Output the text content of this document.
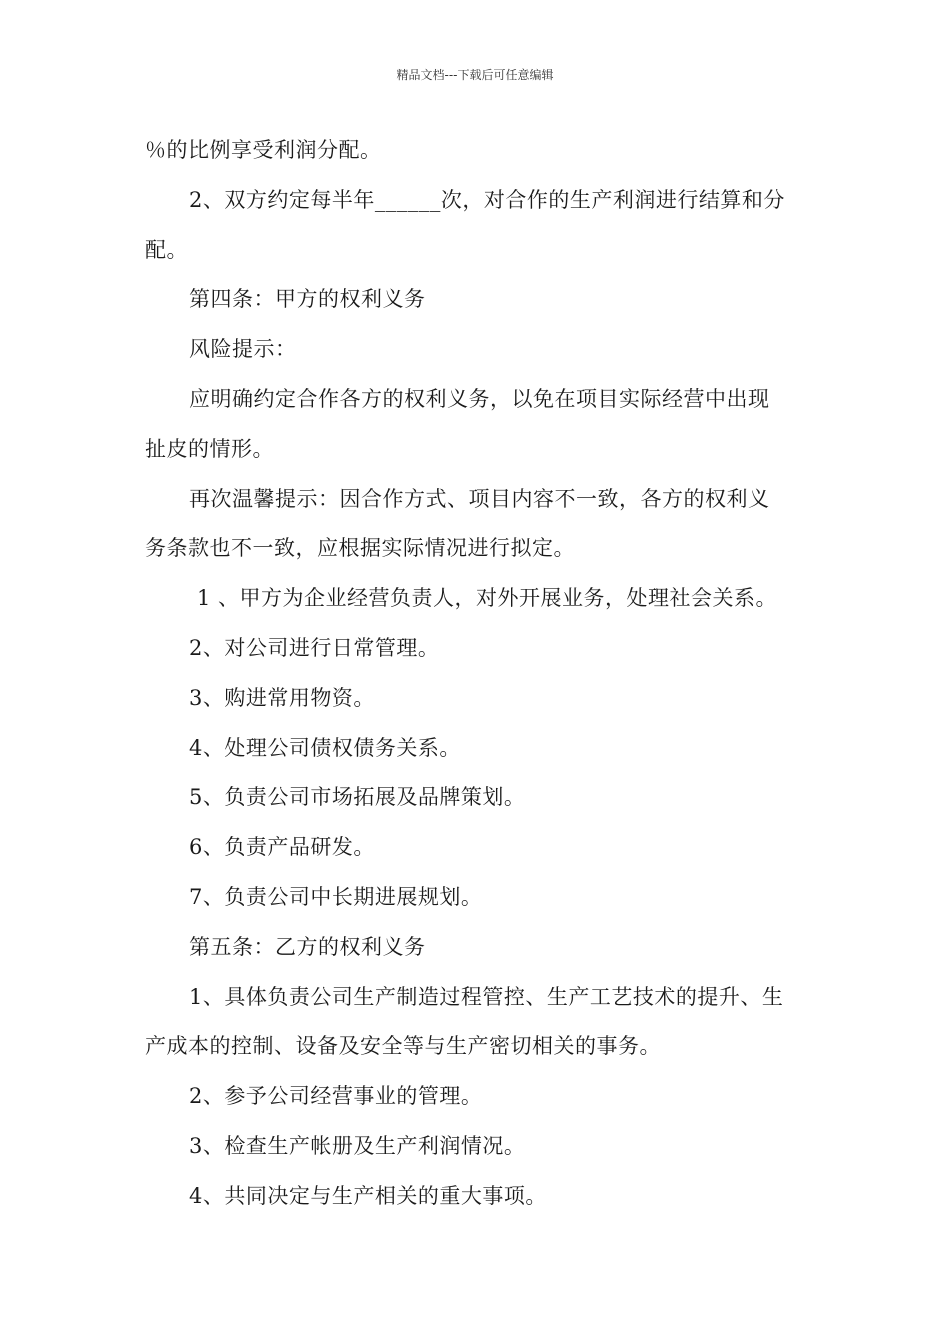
精品文档---下载后可任意编辑
％的比例享受利润分配。
2、双方约定每半年______次，对合作的生产利润进行结算和分
配。
第四条：甲方的权利义务
风险提示：
应明确约定合作各方的权利义务，以免在项目实际经营中出现
扯皮的情形。
再次温馨提示：因合作方式、项目内容不一致，各方的权利义
务条款也不一致，应根据实际情况进行拟定。
1 、甲方为企业经营负责人，对外开展业务，处理社会关系。
2、对公司进行日常管理。
3、购进常用物资。
4、处理公司债权债务关系。
5、负责公司市场拓展及品牌策划。
6、负责产品研发。
7、负责公司中长期进展规划。
第五条：乙方的权利义务
1、具体负责公司生产制造过程管控、生产工艺技术的提升、生
产成本的控制、设备及安全等与生产密切相关的事务。
2、参予公司经营事业的管理。
3、检查生产帐册及生产利润情况。
4、共同决定与生产相关的重大事项。
